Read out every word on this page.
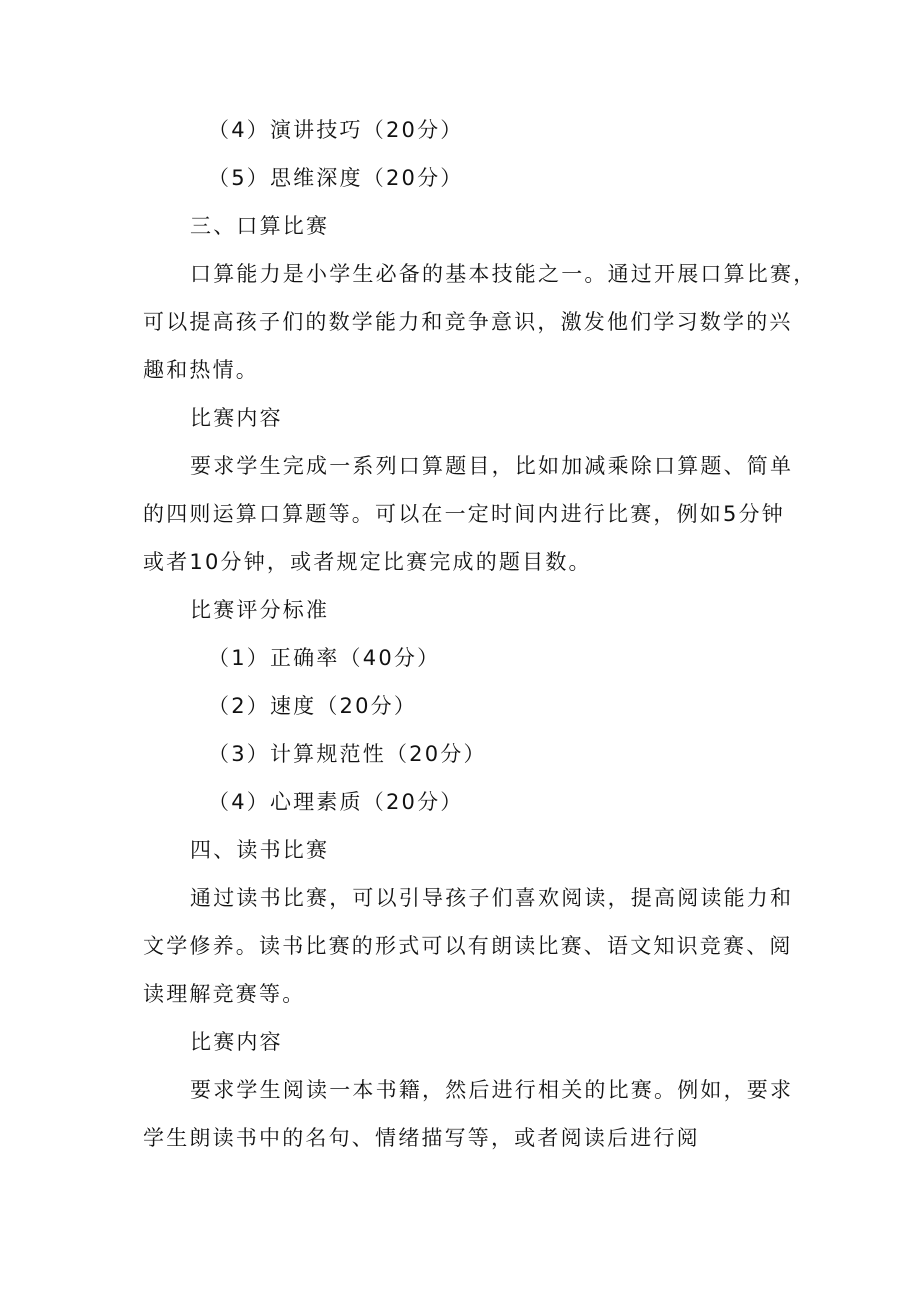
（4）演讲技巧（20分）
（5）思维深度（20分）
三、口算比赛
口算能力是小学生必备的基本技能之一。通过开展口算比赛，
可以提高孩子们的数学能力和竞争意识，激发他们学习数学的兴
趣和热情。
比赛内容
要求学生完成一系列口算题目，比如加减乘除口算题、简单
的四则运算口算题等。可以在一定时间内进行比赛，例如5分钟
或者10分钟，或者规定比赛完成的题目数。
比赛评分标准
（1）正确率（40分）
（2）速度（20分）
（3）计算规范性（20分）
（4）心理素质（20分）
四、读书比赛
通过读书比赛，可以引导孩子们喜欢阅读，提高阅读能力和
文学修养。读书比赛的形式可以有朗读比赛、语文知识竞赛、阅
读理解竞赛等。
比赛内容
要求学生阅读一本书籍，然后进行相关的比赛。例如，要求
学生朗读书中的名句、情绪描写等，或者阅读后进行阅
